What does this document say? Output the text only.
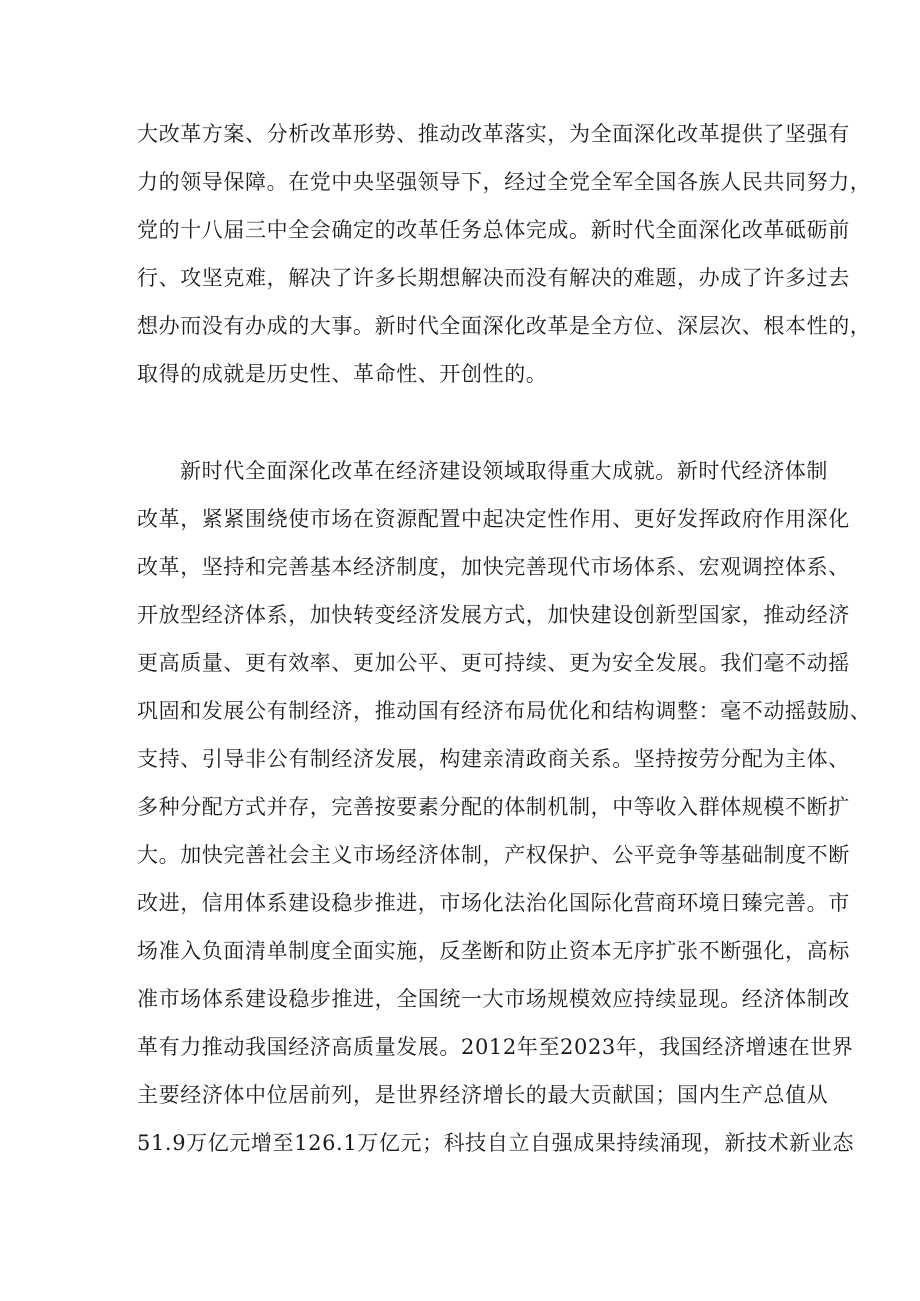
大改革方案、分析改革形势、推动改革落实，为全面深化改革提供了坚强有
力的领导保障。在党中央坚强领导下，经过全党全军全国各族人民共同努力，
党的十八届三中全会确定的改革任务总体完成。新时代全面深化改革砥砺前
行、攻坚克难，解决了许多长期想解决而没有解决的难题，办成了许多过去
想办而没有办成的大事。新时代全面深化改革是全方位、深层次、根本性的，
取得的成就是历史性、革命性、开创性的。
新时代全面深化改革在经济建设领域取得重大成就。新时代经济体制
改革，紧紧围绕使市场在资源配置中起决定性作用、更好发挥政府作用深化
改革，坚持和完善基本经济制度，加快完善现代市场体系、宏观调控体系、
开放型经济体系，加快转变经济发展方式，加快建设创新型国家，推动经济
更高质量、更有效率、更加公平、更可持续、更为安全发展。我们毫不动摇
巩固和发展公有制经济，推动国有经济布局优化和结构调整：毫不动摇鼓励、
支持、引导非公有制经济发展，构建亲清政商关系。坚持按劳分配为主体、
多种分配方式并存，完善按要素分配的体制机制，中等收入群体规模不断扩
大。加快完善社会主义市场经济体制，产权保护、公平竞争等基础制度不断
改进，信用体系建设稳步推进，市场化法治化国际化营商环境日臻完善。市
场准入负面清单制度全面实施，反垄断和防止资本无序扩张不断强化，高标
准市场体系建设稳步推进，全国统一大市场规模效应持续显现。经济体制改
革有力推动我国经济高质量发展。2012年至2023年，我国经济增速在世界
主要经济体中位居前列，是世界经济增长的最大贡献国；国内生产总值从
51.9万亿元增至126.1万亿元；科技自立自强成果持续涌现，新技术新业态
